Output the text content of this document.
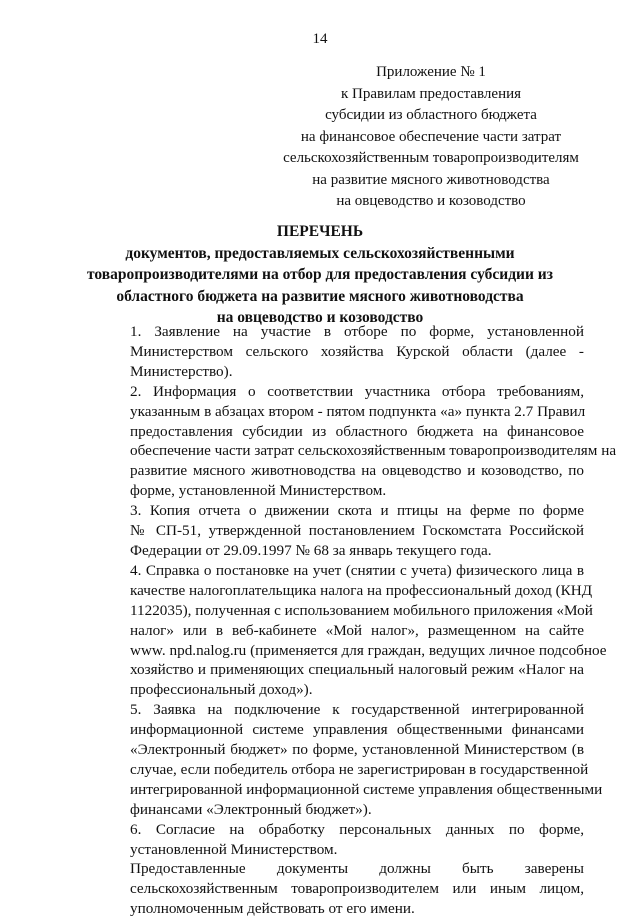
14
Приложение № 1
к Правилам предоставления
субсидии из областного бюджета
на финансовое обеспечение части затрат
сельскохозяйственным товаропроизводителям
на развитие мясного животноводства
на овцеводство и козоводство
ПЕРЕЧЕНЬ
документов, предоставляемых сельскохозяйственными
товаропроизводителями на отбор для предоставления субсидии из
областного бюджета на развитие мясного животноводства
на овцеводство и козоводство
1. Заявление на участие в отборе по форме, установленной
Министерством сельского хозяйства Курской области (далее -
Министерство).
2. Информация о соответствии участника отбора требованиям,
указанным в абзацах втором - пятом подпункта «а» пункта 2.7 Правил
предоставления субсидии из областного бюджета на финансовое
обеспечение части затрат сельскохозяйственным товаропроизводителям на
развитие мясного животноводства на овцеводство и козоводство, по
форме, установленной Министерством.
3. Копия отчета о движении скота и птицы на ферме по форме
№ СП-51, утвержденной постановлением Госкомстата Российской
Федерации от 29.09.1997 № 68 за январь текущего года.
4. Справка о постановке на учет (снятии с учета) физического лица в
качестве налогоплательщика налога на профессиональный доход (КНД
1122035), полученная с использованием мобильного приложения «Мой
налог» или в веб-кабинете «Мой налог», размещенном на сайте
www. npd.nalog.ru (применяется для граждан, ведущих личное подсобное
хозяйство и применяющих специальный налоговый режим «Налог на
профессиональный доход»).
5. Заявка на подключение к государственной интегрированной
информационной системе управления общественными финансами
«Электронный бюджет» по форме, установленной Министерством (в
случае, если победитель отбора не зарегистрирован в государственной
интегрированной информационной системе управления общественными
финансами «Электронный бюджет»).
6. Согласие на обработку персональных данных по форме,
установленной Министерством.
Предоставленные документы должны быть заверены
сельскохозяйственным товаропроизводителем или иным лицом,
уполномоченным действовать от его имени.
